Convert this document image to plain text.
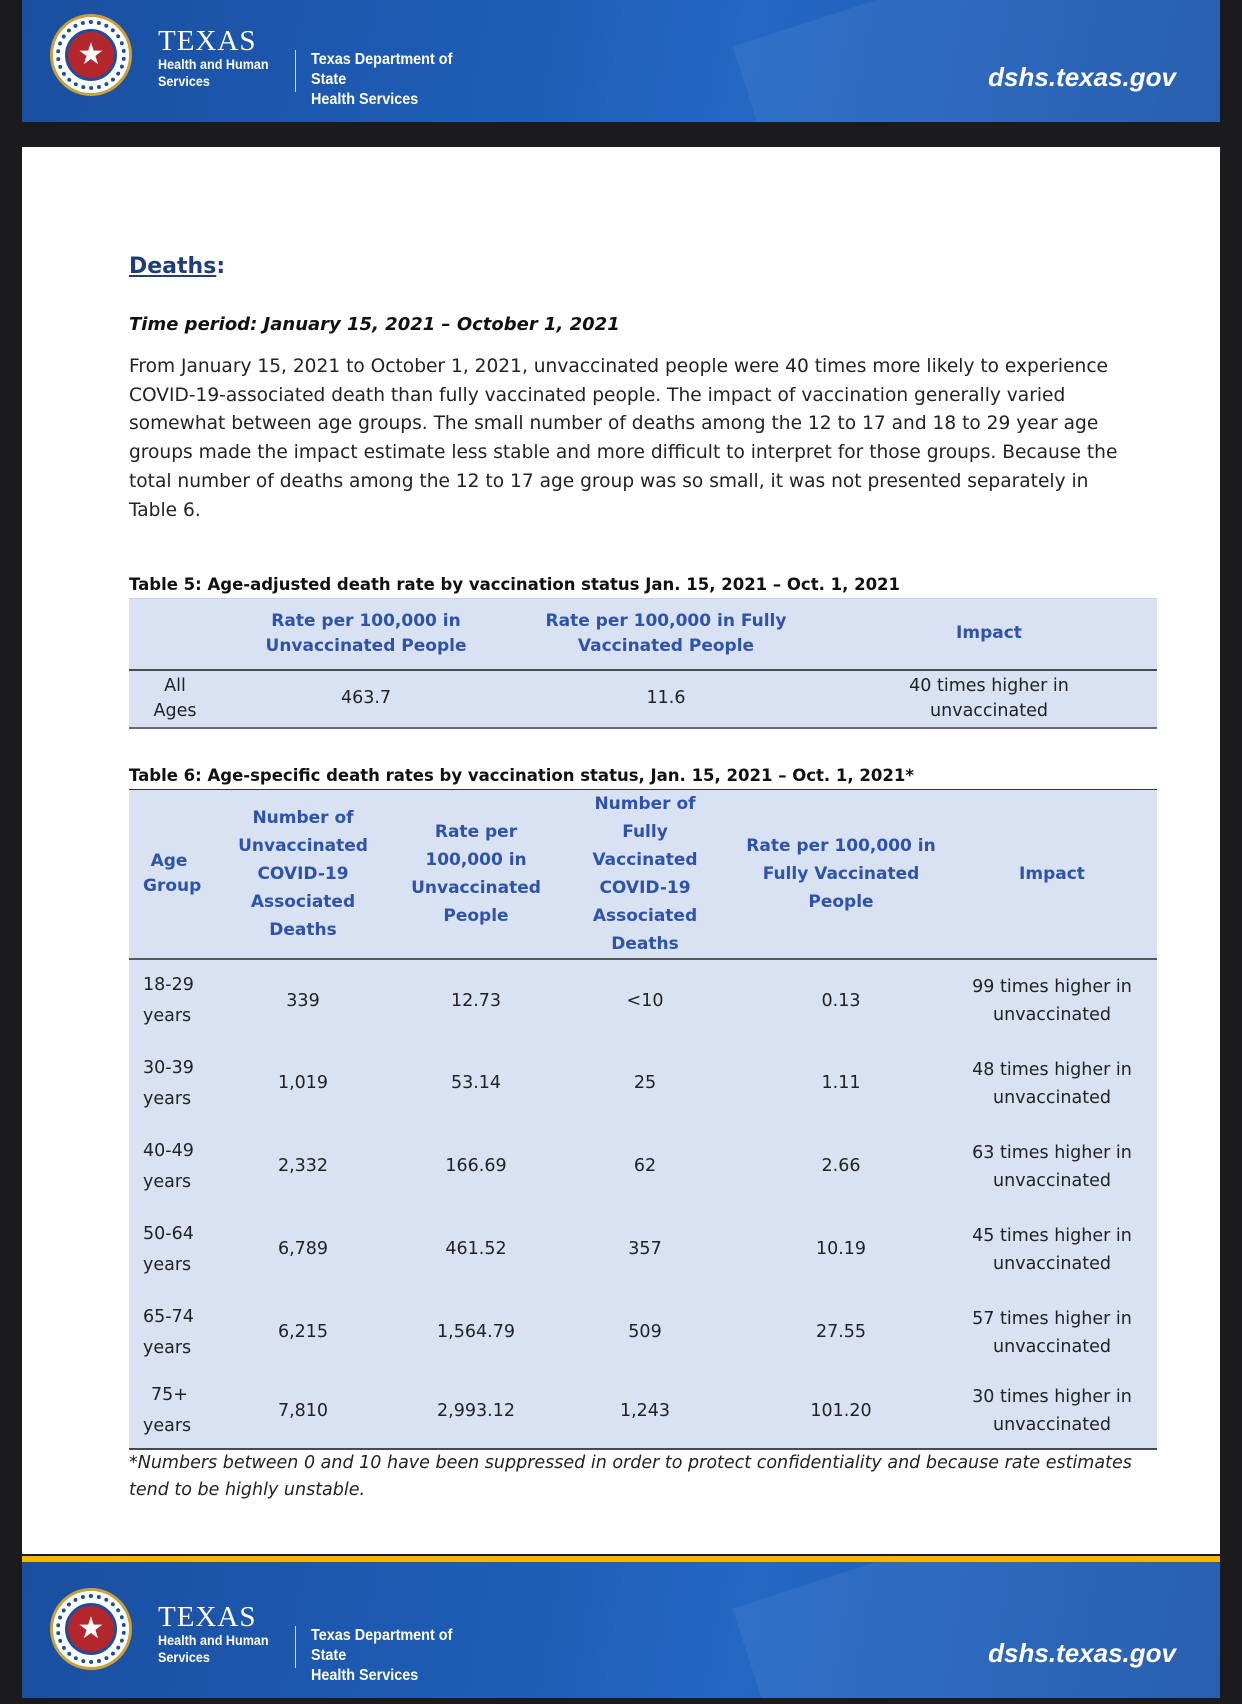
★	TEXAS
Health and Human
Services
Texas Department of State
Health Services
dshs.texas.gov
Deaths:
Time period: January 15, 2021 – October 1, 2021

From January 15, 2021 to October 1, 2021, unvaccinated people were 40 times more likely to experience COVID-19-associated death than fully vaccinated people. The impact of vaccination generally varied somewhat between age groups. The small number of deaths among the 12 to 17 and 18 to 29 year age groups made the impact estimate less stable and more difficult to interpret for those groups. Because the total number of deaths among the 12 to 17 age group was so small, it was not presented separately in Table 6.

Table 5: Age-adjusted death rate by vaccination status Jan. 15, 2021 – Oct. 1, 2021
	Rate per 100,000 in Unvaccinated People	Rate per 100,000 in Fully Vaccinated People	Impact
All
Ages	463.7	11.6	40 times higher in unvaccinated
Table 6: Age-specific death rates by vaccination status, Jan. 15, 2021 – Oct. 1, 2021*
Age Group	Number of Unvaccinated COVID-19 Associated Deaths	Rate per 100,000 in Unvaccinated People	Number of Fully Vaccinated COVID-19 Associated Deaths	Rate per 100,000 in Fully Vaccinated People	Impact

18-29
years	339	12.73	<10	0.13	99 times higher in unvaccinated

30-39
years	1,019	53.14	25	1.11	48 times higher in unvaccinated

40-49
years	2,332	166.69	62	2.66	63 times higher in unvaccinated

50-64
years	6,789	461.52	357	10.19	45 times higher in unvaccinated

65-74
years	6,215	1,564.79	509	27.55	57 times higher in unvaccinated

75+
years	7,810	2,993.12	1,243	101.20	30 times higher in unvaccinated

*Numbers between 0 and 10 have been suppressed in order to protect confidentiality and because rate estimates tend to be highly unstable.

★	TEXAS
Health and Human
Services
Texas Department of State
Health Services
dshs.texas.gov
